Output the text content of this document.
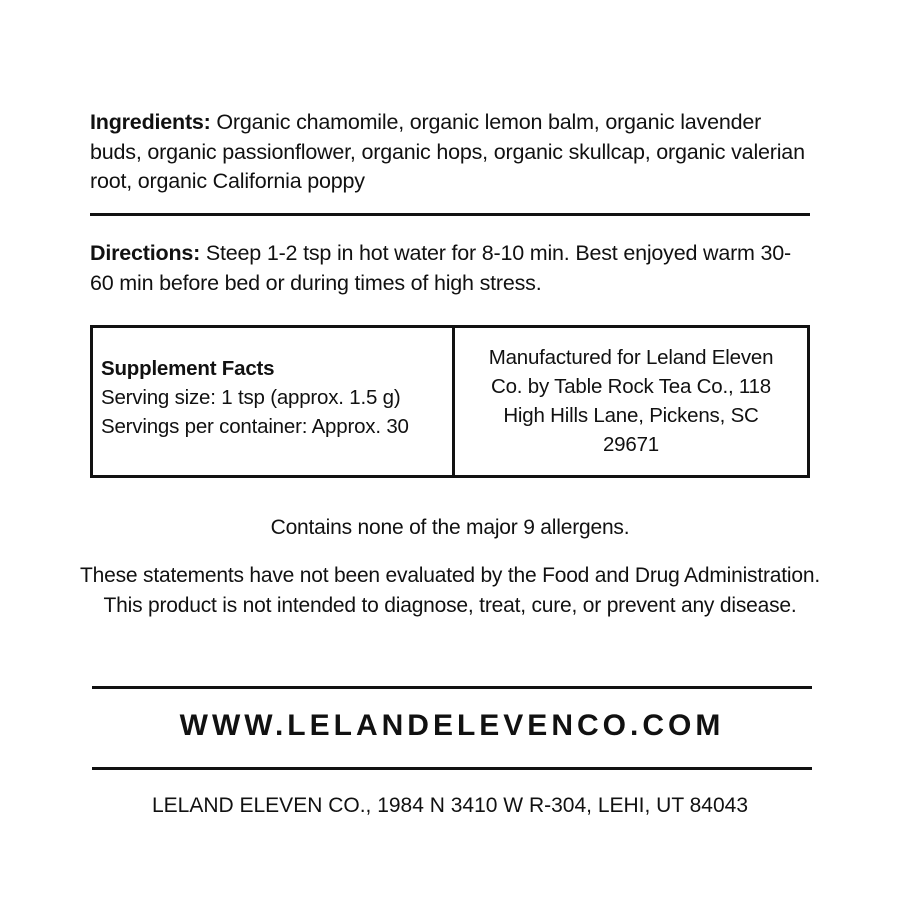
Ingredients: Organic chamomile, organic lemon balm, organic lavender buds, organic passionflower, organic hops, organic skullcap, organic valerian root, organic California poppy
Directions: Steep 1-2 tsp in hot water for 8-10 min. Best enjoyed warm 30-60 min before bed or during times of high stress.
Supplement Facts
Serving size: 1 tsp (approx. 1.5 g)
Servings per container: Approx. 30
Manufactured for Leland Eleven Co. by Table Rock Tea Co., 118 High Hills Lane, Pickens, SC 29671
Contains none of the major 9 allergens.
These statements have not been evaluated by the Food and Drug Administration. This product is not intended to diagnose, treat, cure, or prevent any disease.
WWW.LELANDELEVENCO.COM
LELAND ELEVEN CO., 1984 N 3410 W R-304, LEHI, UT 84043
